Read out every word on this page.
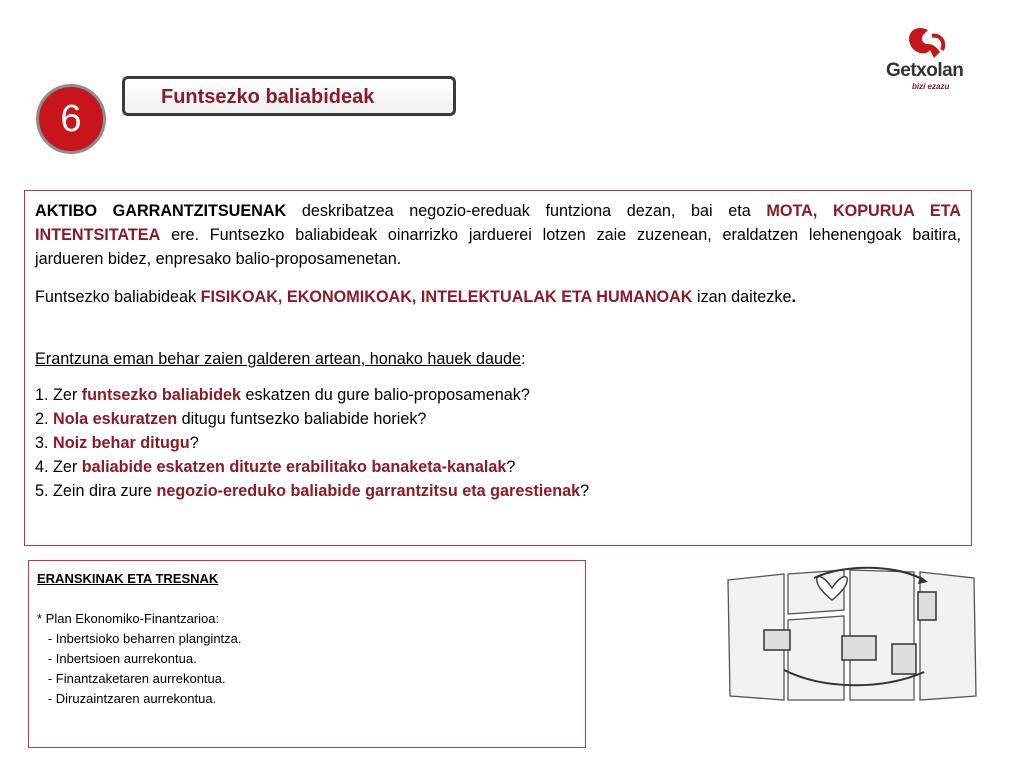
6
Funtsezko baliabideak
Getxolan
bizi ezazu

AKTIBO GARRANTZITSUENAK deskribatzea negozio-ereduak funtziona dezan, bai eta MOTA, KOPURUA ETA INTENTSITATEA ere. Funtsezko baliabideak oinarrizko jarduerei lotzen zaie zuzenean, eraldatzen lehenengoak baitira, jardueren bidez, enpresako balio-proposamenetan.

Funtsezko baliabideak FISIKOAK, EKONOMIKOAK, INTELEKTUALAK ETA HUMANOAK izan daitezke.

Erantzuna eman behar zaien galderen artean, honako hauek daude:

1. Zer funtsezko baliabidek eskatzen du gure balio-proposamenak?

2. Nola eskuratzen ditugu funtsezko baliabide horiek?

3. Noiz behar ditugu?

4. Zer baliabide eskatzen dituzte erabilitako banaketa-kanalak?

5. Zein dira zure negozio-ereduko baliabide garrantzitsu eta garestienak?

ERANSKINAK ETA TRESNAK

* Plan Ekonomiko-Finantzarioa:

- Inbertsioko beharren plangintza.

- Inbertsioen aurrekontua.

- Finantzaketaren aurrekontua.

- Diruzaintzaren aurrekontua.
